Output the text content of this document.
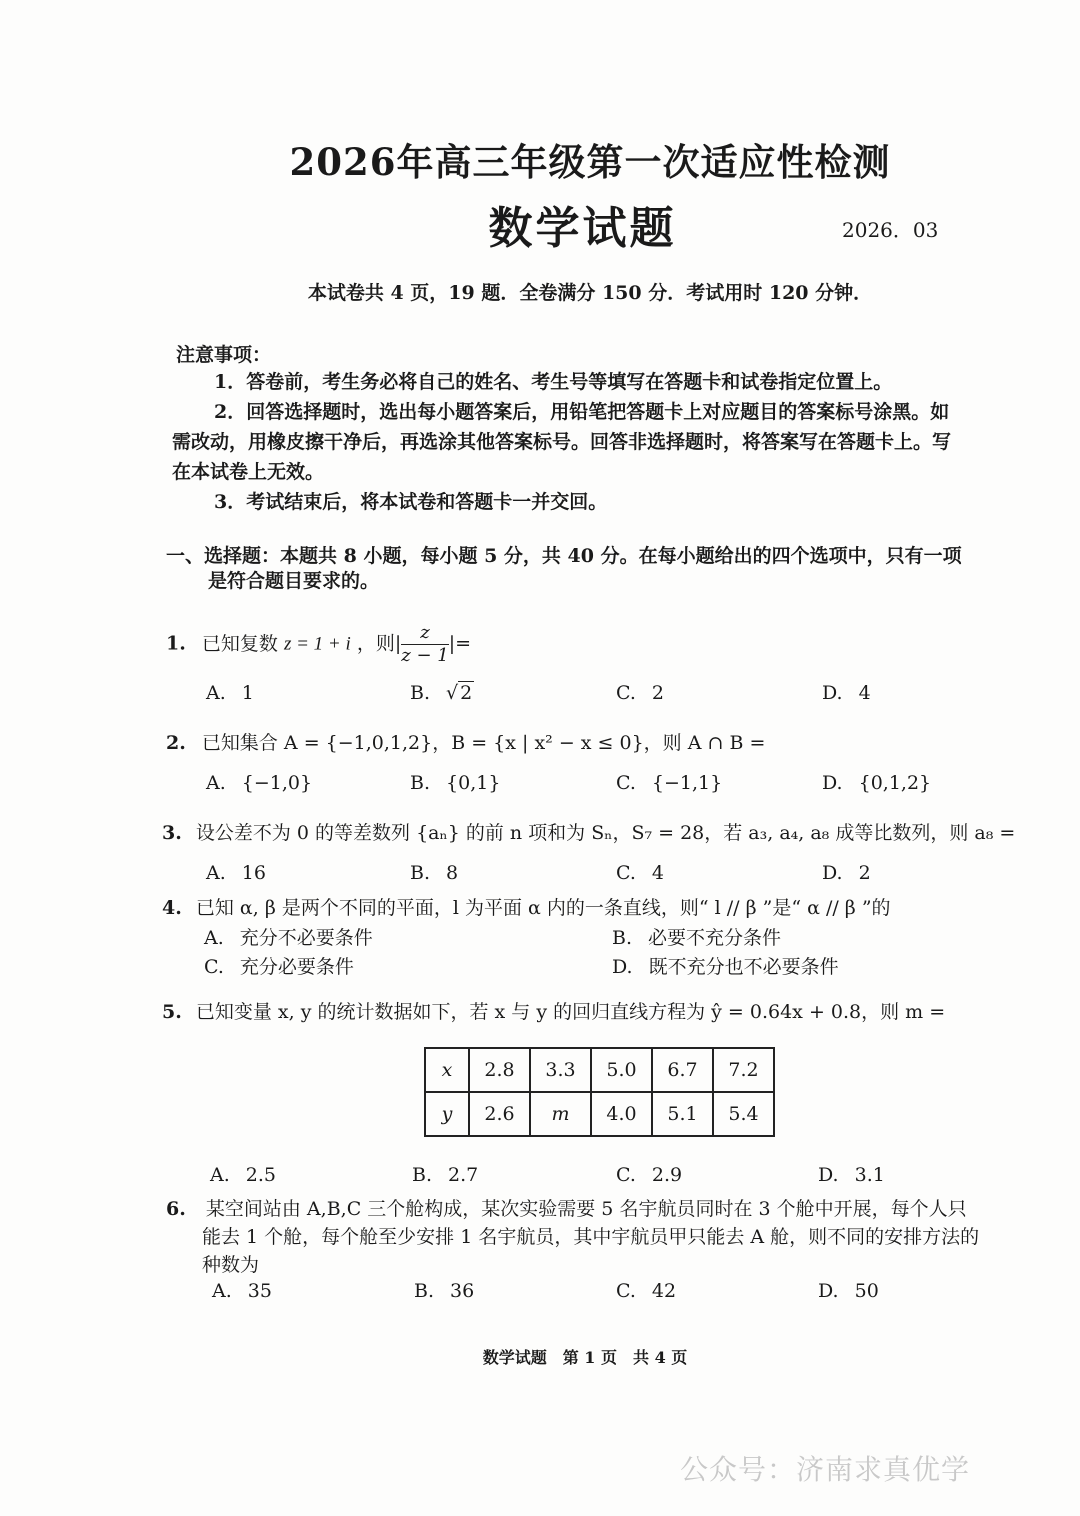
2026年高三年级第一次适应性检测
数学试题	2026．03
本试卷共 4 页，19 题．全卷满分 150 分．考试用时 120 分钟．
注意事项：
1．答卷前，考生务必将自己的姓名、考生号等填写在答题卡和试卷指定位置上。
2．回答选择题时，选出每小题答案后，用铅笔把答题卡上对应题目的答案标号涂黑。如
需改动，用橡皮擦干净后，再选涂其他答案标号。回答非选择题时，将答案写在答题卡上。写
在本试卷上无效。
3．考试结束后，将本试卷和答题卡一并交回。
一、选择题：本题共 8 小题，每小题 5 分，共 40 分。在每小题给出的四个选项中，只有一项
是符合题目要求的。
1. 已知复数 z = 1 + i ，则| $\frac{z}{z - 1}$ |=
A. 1	B. √ 2	C. 2	D. 4
2. 已知集合 A = {−1,0,1,2}，B = {x | x² − x ≤ 0}，则 A ∩ B =
A. {−1,0}	B. {0,1}	C. {−1,1}	D. {0,1,2}
3. 设公差不为 0 的等差数列 {aₙ} 的前 n 项和为 Sₙ，S₇ = 28，若 a₃, a₄, a₈ 成等比数列，则 a₈ =
A. 16	B. 8	C. 4	D. 2
4. 已知 α, β 是两个不同的平面，l 为平面 α 内的一条直线，则“ l // β ”是“ α // β ”的
A. 充分不必要条件	B. 必要不充分条件
C. 充分必要条件	D. 既不充分也不必要条件
5. 已知变量 x, y 的统计数据如下，若 x 与 y 的回归直线方程为 ŷ = 0.64x + 0.8，则 m =
x	2.8	3.3	5.0	6.7	7.2
y	2.6	m	4.0	5.1	5.4
A. 2.5	B. 2.7	C. 2.9	D. 3.1
6. 某空间站由 A,B,C 三个舱构成，某次实验需要 5 名宇航员同时在 3 个舱中开展，每个人只
能去 1 个舱，每个舱至少安排 1 名宇航员，其中宇航员甲只能去 A 舱，则不同的安排方法的
种数为
A. 35	B. 36	C. 42	D. 50
数学试题　第 1 页　共 4 页
公众号：济南求真优学
